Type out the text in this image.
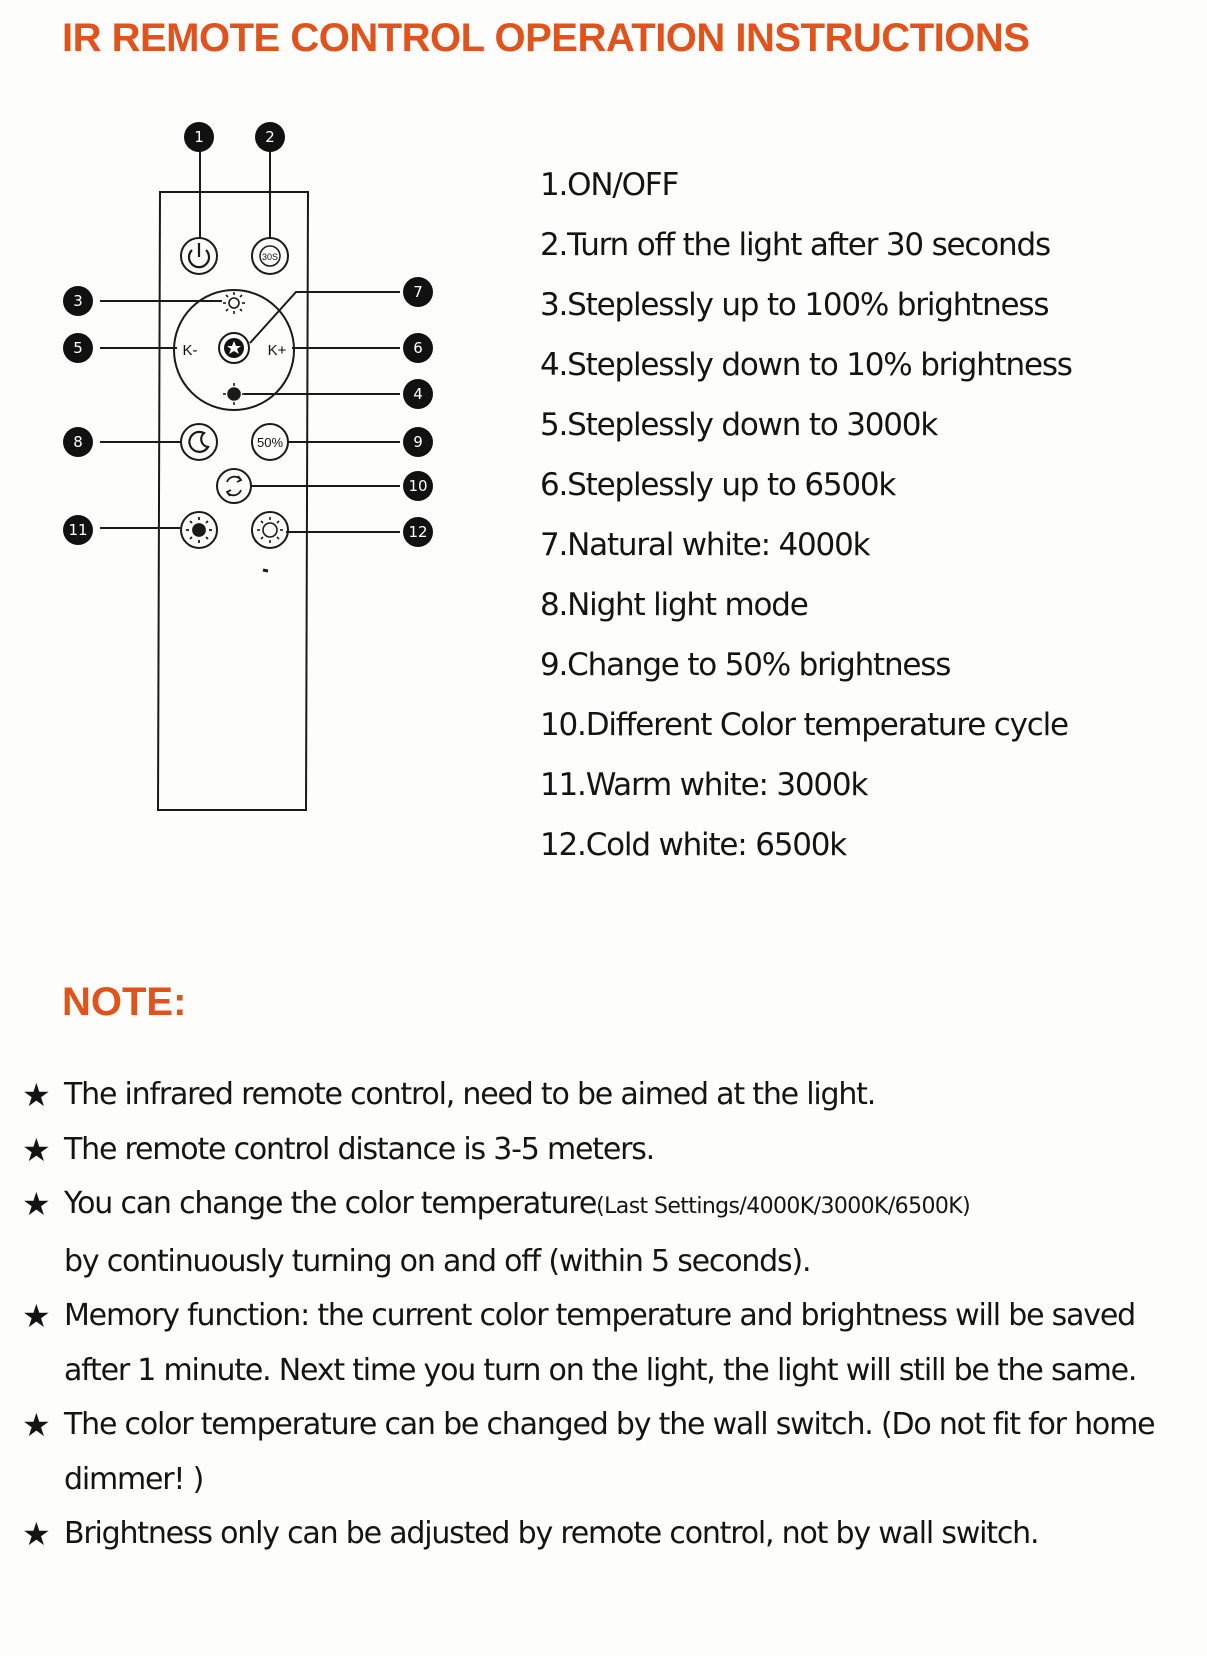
IR REMOTE CONTROL OPERATION INSTRUCTIONS
30S
K-	K+
50%
1	2
3
4
5	6
7
8	9
10
11	12
1.ON/OFF
2.Turn off the light after 30 seconds
3.Steplessly up to 100% brightness
4.Steplessly down to 10% brightness
5.Steplessly down to 3000k
6.Steplessly up to 6500k
7.Natural white: 4000k
8.Night light mode
9.Change to 50% brightness
10.Different Color temperature cycle
11.Warm white: 3000k
12.Cold white: 6500k
NOTE:
★ The infrared remote control, need to be aimed at the light.
★ The remote control distance is 3-5 meters.
★ You can change the color temperature(Last Settings/4000K/3000K/6500K)
by continuously turning on and off (within 5 seconds).
★ Memory function: the current color temperature and brightness will be saved after 1 minute. Next time you turn on the light, the light will still be the same.
★ The color temperature can be changed by the wall switch. (Do not fit for home dimmer! )
★ Brightness only can be adjusted by remote control, not by wall switch.
